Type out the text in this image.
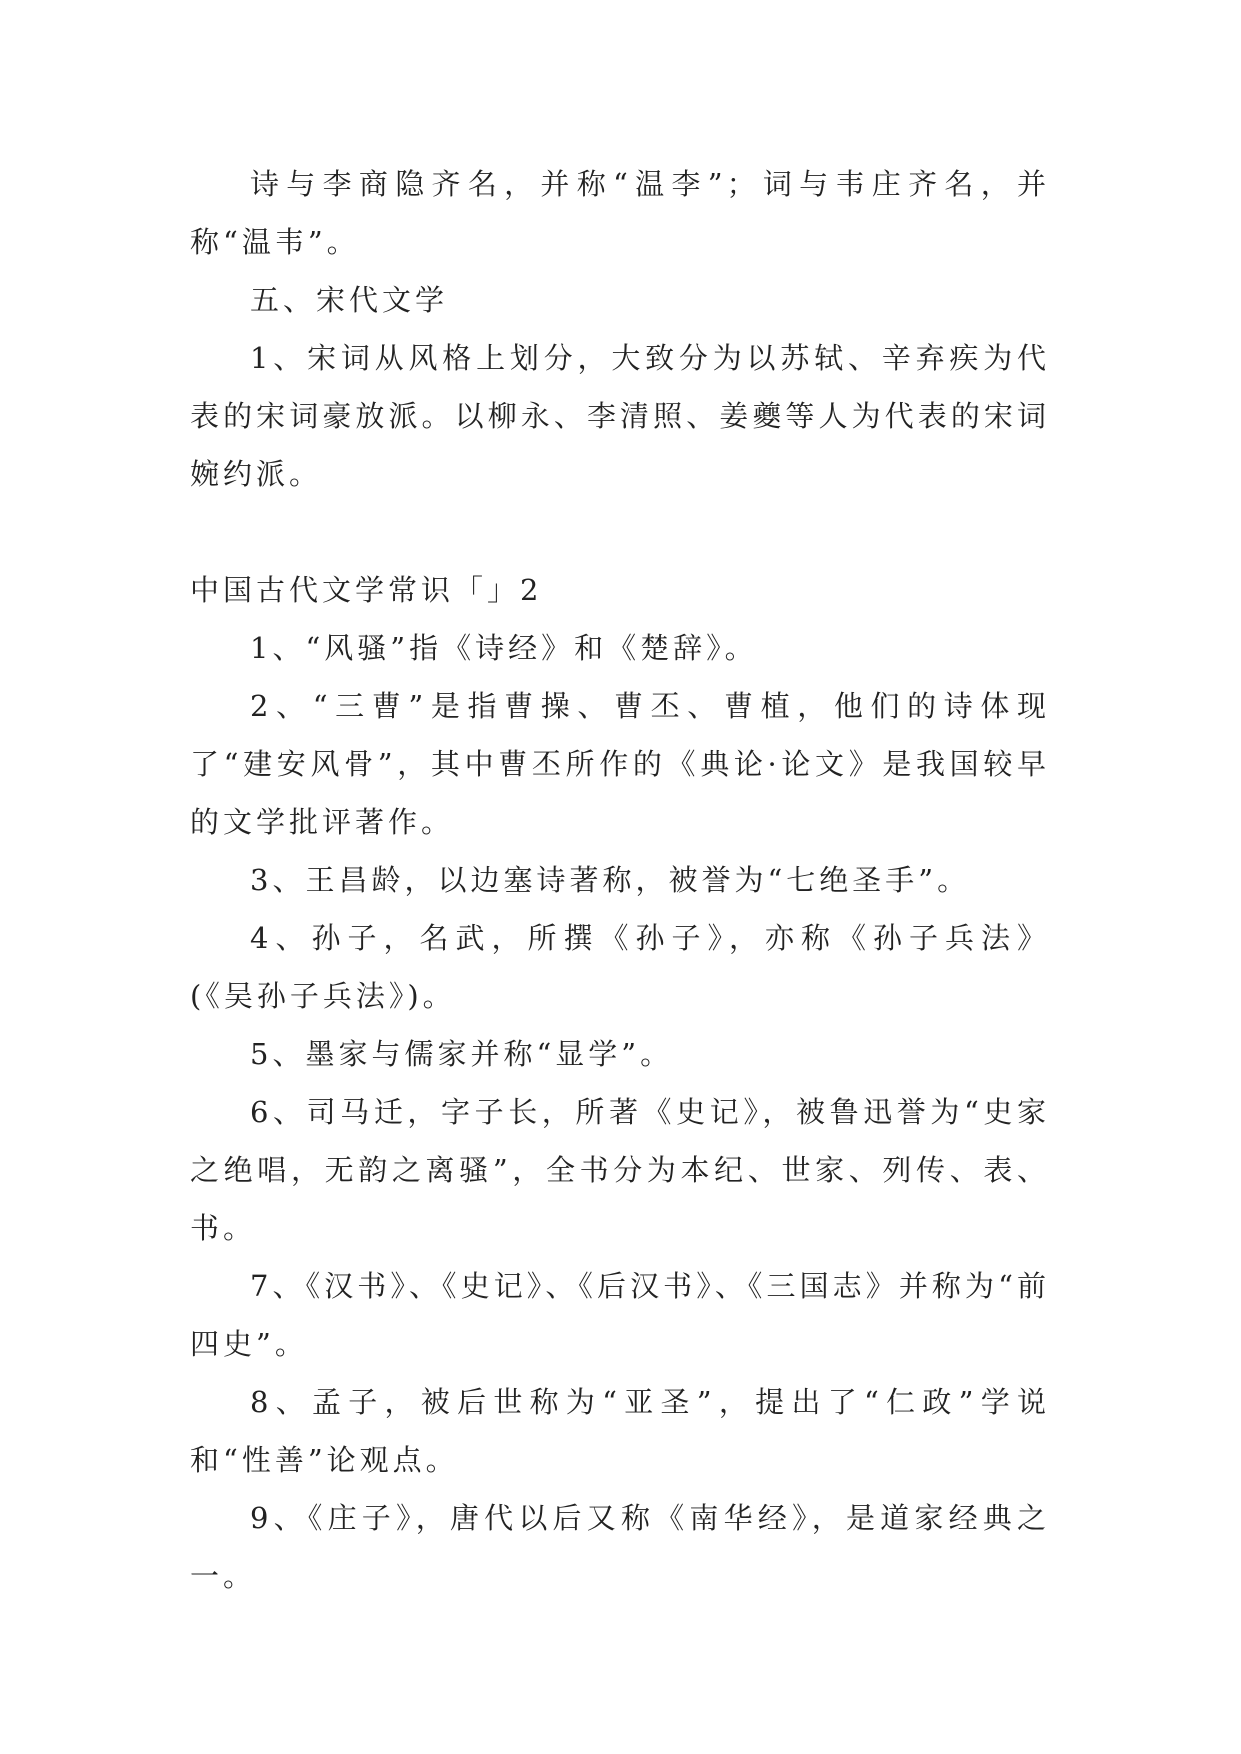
诗与李商隐齐名，并称“温李”；词与韦庄齐名，并称“温韦”。

五、宋代文学

1、宋词从风格上划分，大致分为以苏轼、辛弃疾为代表的宋词豪放派。以柳永、李清照、姜夔等人为代表的宋词婉约派。

中国古代文学常识「」2

1、“风骚”指《诗经》和《楚辞》。

2、“三曹”是指曹操、曹丕、曹植，他们的诗体现了“建安风骨”，其中曹丕所作的《典论·论文》是我国较早的文学批评著作。

3、王昌龄，以边塞诗著称，被誉为“七绝圣手”。

4、孙子，名武，所撰《孙子》，亦称《孙子兵法》(《吴孙子兵法》)。

5、墨家与儒家并称“显学”。

6、司马迁，字子长，所著《史记》，被鲁迅誉为“史家之绝唱，无韵之离骚”，全书分为本纪、世家、列传、表、书。

7、《汉书》、《史记》、《后汉书》、《三国志》并称为“前四史”。

8、孟子，被后世称为“亚圣”，提出了“仁政”学说和“性善”论观点。

9、《庄子》，唐代以后又称《南华经》，是道家经典之一。
